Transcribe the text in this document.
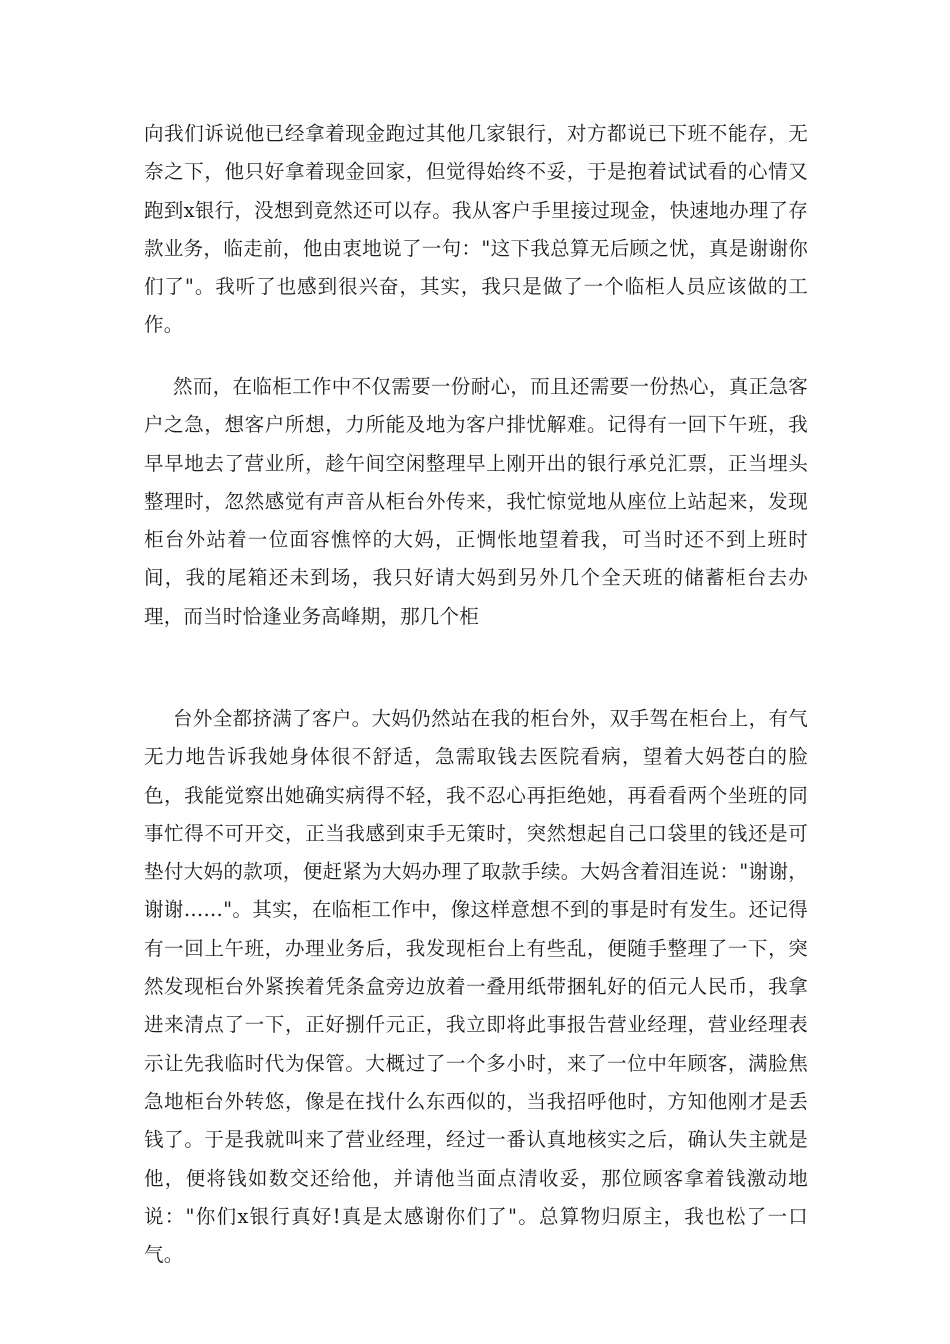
向我们诉说他已经拿着现金跑过其他几家银行，对方都说已下班不能存，无奈之下，他只好拿着现金回家，但觉得始终不妥，于是抱着试试看的心情又跑到x银行，没想到竟然还可以存。我从客户手里接过现金，快速地办理了存款业务，临走前，他由衷地说了一句："这下我总算无后顾之忧，真是谢谢你们了"。我听了也感到很兴奋，其实，我只是做了一个临柜人员应该做的工作。

然而，在临柜工作中不仅需要一份耐心，而且还需要一份热心，真正急客户之急，想客户所想，力所能及地为客户排忧解难。记得有一回下午班，我早早地去了营业所，趁午间空闲整理早上刚开出的银行承兑汇票，正当埋头整理时，忽然感觉有声音从柜台外传来，我忙惊觉地从座位上站起来，发现柜台外站着一位面容憔悴的大妈，正惆怅地望着我，可当时还不到上班时间，我的尾箱还未到场，我只好请大妈到另外几个全天班的储蓄柜台去办理，而当时恰逢业务高峰期，那几个柜

台外全都挤满了客户。大妈仍然站在我的柜台外，双手驾在柜台上，有气无力地告诉我她身体很不舒适，急需取钱去医院看病，望着大妈苍白的脸色，我能觉察出她确实病得不轻，我不忍心再拒绝她，再看看两个坐班的同事忙得不可开交，正当我感到束手无策时，突然想起自己口袋里的钱还是可垫付大妈的款项，便赶紧为大妈办理了取款手续。大妈含着泪连说："谢谢，谢谢……"。其实，在临柜工作中，像这样意想不到的事是时有发生。还记得有一回上午班，办理业务后，我发现柜台上有些乱，便随手整理了一下，突然发现柜台外紧挨着凭条盒旁边放着一叠用纸带捆轧好的佰元人民币，我拿进来清点了一下，正好捌仟元正，我立即将此事报告营业经理，营业经理表示让先我临时代为保管。大概过了一个多小时，来了一位中年顾客，满脸焦急地柜台外转悠，像是在找什么东西似的，当我招呼他时，方知他刚才是丢钱了。于是我就叫来了营业经理，经过一番认真地核实之后，确认失主就是他，便将钱如数交还给他，并请他当面点清收妥，那位顾客拿着钱激动地说："你们x银行真好!真是太感谢你们了"。总算物归原主，我也松了一口气。
